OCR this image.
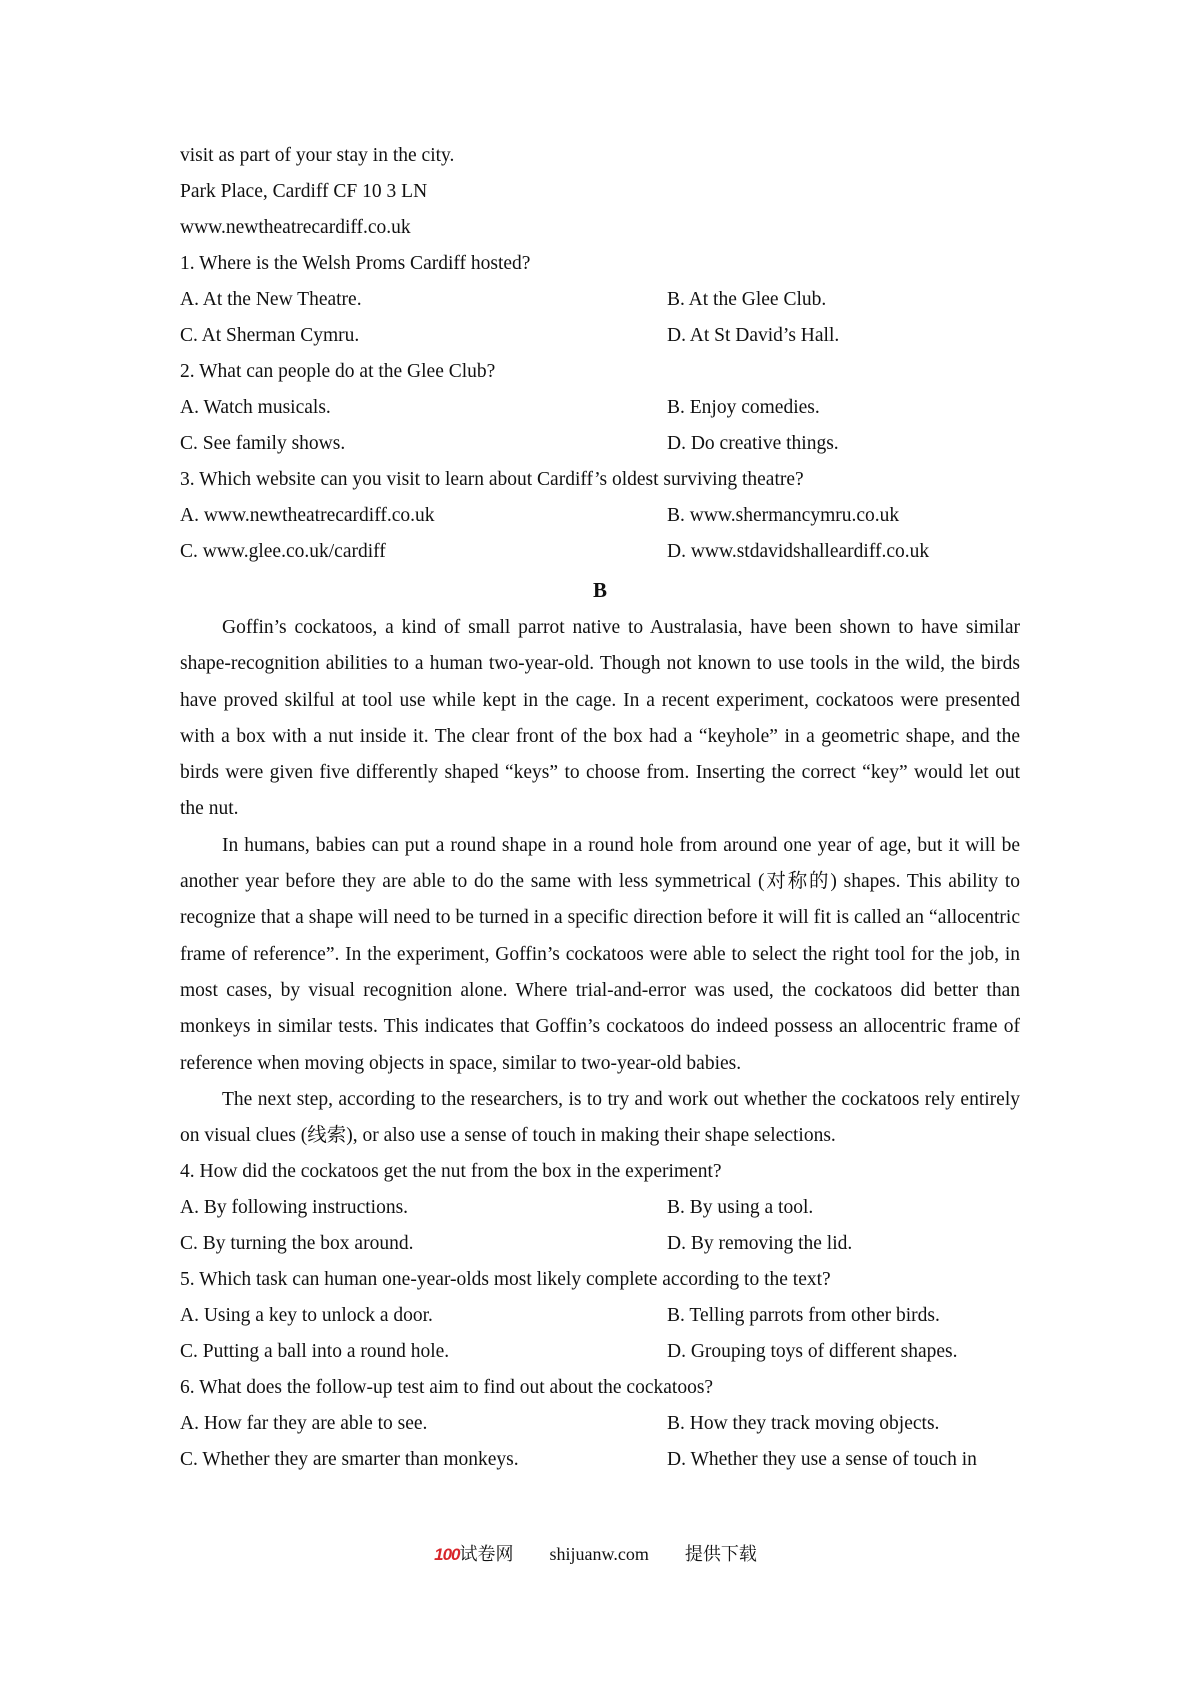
visit as part of your stay in the city.
Park Place, Cardiff CF 10 3 LN
www.newtheatrecardiff.co.uk
1. Where is the Welsh Proms Cardiff hosted?
A. At the New Theatre.	B. At the Glee Club.
C. At Sherman Cymru.	D. At St David’s Hall.
2. What can people do at the Glee Club?
A. Watch musicals.	B. Enjoy comedies.
C. See family shows.	D. Do creative things.
3. Which website can you visit to learn about Cardiff’s oldest surviving theatre?
A. www.newtheatrecardiff.co.uk	B. www.shermancymru.co.uk
C. www.glee.co.uk/cardiff	D. www.stdavidshalleardiff.co.uk
B

Goffin’s cockatoos, a kind of small parrot native to Australasia, have been shown to have similar shape-recognition abilities to a human two-year-old. Though not known to use tools in the wild, the birds have proved skilful at tool use while kept in the cage. In a recent experiment, cockatoos were presented with a box with a nut inside it. The clear front of the box had a “keyhole” in a geometric shape, and the birds were given five differently shaped “keys” to choose from. Inserting the correct “key” would let out the nut.

In humans, babies can put a round shape in a round hole from around one year of age, but it will be another year before they are able to do the same with less symmetrical (对称的) shapes. This ability to recognize that a shape will need to be turned in a specific direction before it will fit is called an “allocentric frame of reference”. In the experiment, Goffin’s cockatoos were able to select the right tool for the job, in most cases, by visual recognition alone. Where trial-and-error was used, the cockatoos did better than monkeys in similar tests. This indicates that Goffin’s cockatoos do indeed possess an allocentric frame of reference when moving objects in space, similar to two-year-old babies.

The next step, according to the researchers, is to try and work out whether the cockatoos rely entirely on visual clues (线索), or also use a sense of touch in making their shape selections.

4. How did the cockatoos get the nut from the box in the experiment?
A. By following instructions.	B. By using a tool.
C. By turning the box around.	D. By removing the lid.
5. Which task can human one-year-olds most likely complete according to the text?
A. Using a key to unlock a door.	B. Telling parrots from other birds.
C. Putting a ball into a round hole.	D. Grouping toys of different shapes.
6. What does the follow-up test aim to find out about the cockatoos?
A. How far they are able to see.	B. How they track moving objects.
C. Whether they are smarter than monkeys.	D. Whether they use a sense of touch in
100试卷网 shijuanw.com 提供下载
